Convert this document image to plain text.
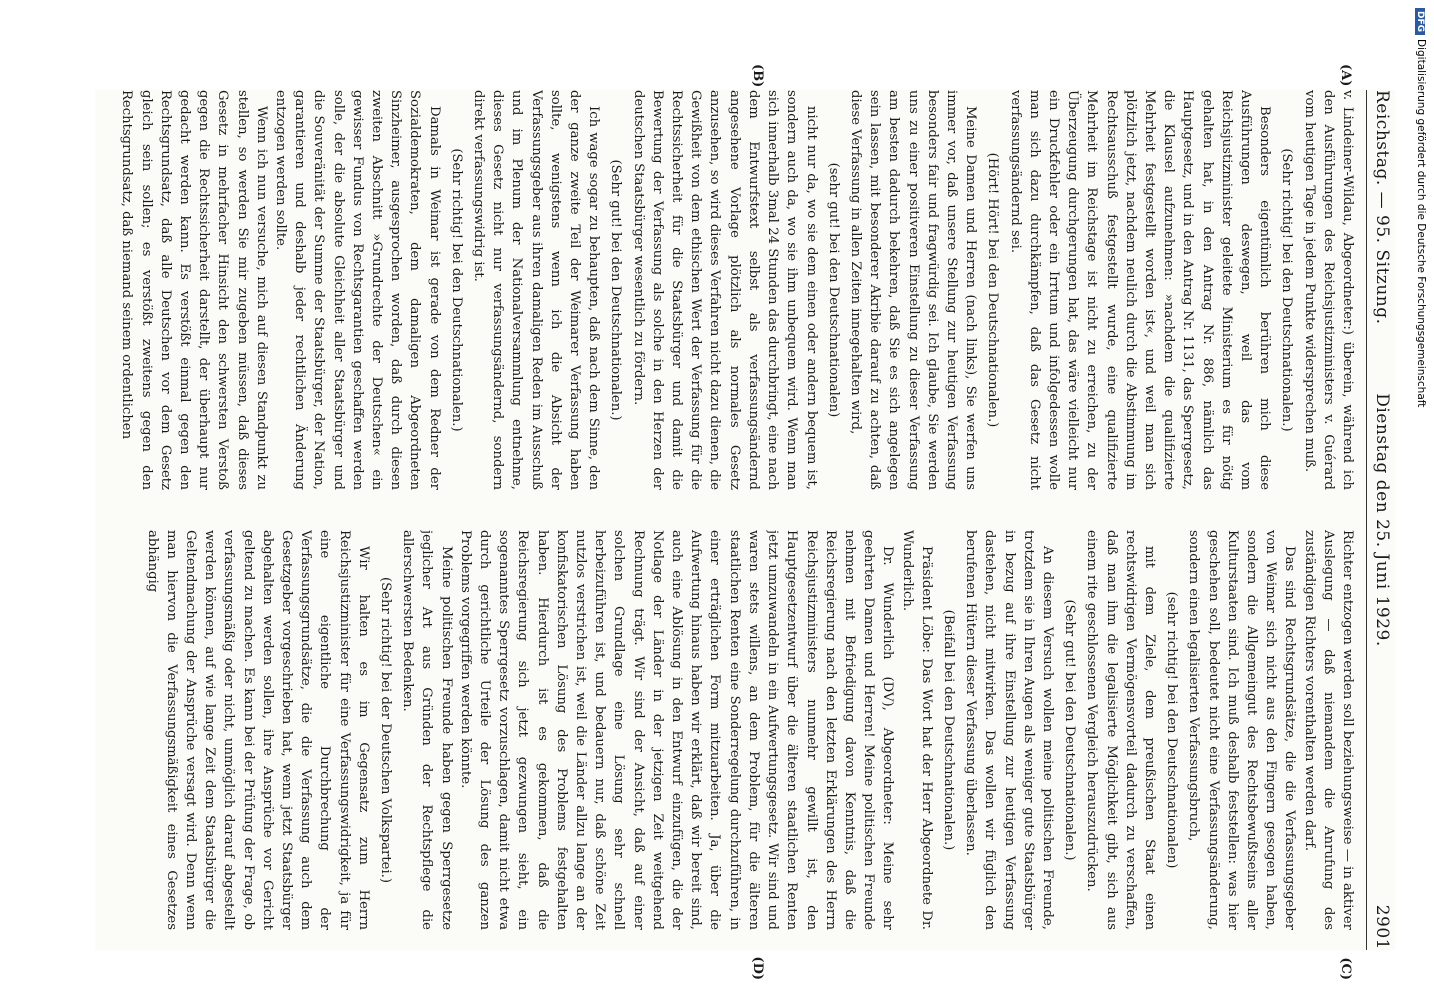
Reichstag. — 95. Sitzung.
Dienstag den 25. Juni 1929.
2901

v. Lindeiner-Wildau, Abgeordneter:) überein, während ich den Ausführungen des Reichsjustizministers v. Guérard vom heutigen Tage in jedem Punkte widersprechen muß.

(Sehr richtig! bei den Deutschnationalen.)

Besonders eigentümlich berühren mich diese Ausführungen deswegen, weil das vom Reichsjustizminister geleitete Ministerium es für nötig gehalten hat, in den Antrag Nr. 886, nämlich das Hauptgesetz, und in den Antrag Nr. 1131, das Sperrgesetz, die Klausel aufzunehmen: »nachdem die qualifizierte Mehrheit festgestellt worden ist«, und weil man sich plötzlich jetzt, nachdem neulich durch die Abstimmung im Rechtsausschuß festgestellt wurde, eine qualifizierte Mehrheit im Reichstage ist nicht zu erreichen, zu der Überzeugung durchgerungen hat, das wäre vielleicht nur ein Druckfehler oder ein Irrtum und infolgedessen wolle man sich dazu durchkämpfen, daß das Gesetz nicht verfassungsändernd sei.

(Hört! Hört! bei den Deutschnationalen.)

Meine Damen und Herren (nach links), Sie werfen uns immer vor, daß unsere Stellung zur heutigen Verfassung besonders fair und fragwürdig sei. Ich glaube, Sie werden uns zu einer positiveren Einstellung zu dieser Verfassung am besten dadurch bekehren, daß Sie es sich angelegen sein lassen, mit besonderer Akribie darauf zu achten, daß diese Verfassung in allen Zeiten innegehalten wird,

(sehr gut! bei den Deutschnationalen)

nicht nur da, wo sie dem einen oder andern bequem ist, sondern auch da, wo sie ihm unbequem wird. Wenn man sich innerhalb 3mal 24 Stunden das durchbringt, eine nach dem Entwurfstext selbst als verfassungsändernd angesehene Vorlage plötzlich als normales Gesetz anzusehen, so wird dieses Verfahren nicht dazu dienen, die Gewißheit von dem ethischen Wert der Verfassung für die Rechtssicherheit für die Staatsbürger und damit die Bewertung der Verfassung als solche in den Herzen der deutschen Staatsbürger wesentlich zu fördern.

(Sehr gut! bei den Deutschnationalen.)

Ich wage sogar zu behaupten, daß nach dem Sinne, den der ganze zweite Teil der Weimarer Verfassung haben sollte, wenigstens wenn ich die Absicht der Verfassungsgeber aus ihren damaligen Reden im Ausschuß und im Plenum der Nationalversammlung entnehme, dieses Gesetz nicht nur verfassungsändernd, sondern direkt verfassungswidrig ist.

(Sehr richtig! bei den Deutschnationalen.)

Damals in Weimar ist gerade von dem Redner der Sozialdemokraten, dem damaligen Abgeordneten Sinzheimer, ausgesprochen worden, daß durch diesen zweiten Abschnitt »Grundrechte der Deutschen« ein gewisser Fundus von Rechtsgarantien geschaffen werden solle, der die absolute Gleichheit aller Staatsbürger und die Souveränität der Summe der Staatsbürger, der Nation, garantieren und deshalb jeder rechtlichen Änderung entzogen werden sollte.

Wenn ich nun versuche, mich auf diesen Standpunkt zu stellen, so werden Sie mir zugeben müssen, daß dieses Gesetz in mehrfacher Hinsicht den schwersten Verstoß gegen die Rechtssicherheit darstellt, der überhaupt nur gedacht werden kann. Es verstößt einmal gegen den Rechtsgrundsatz, daß alle Deutschen vor dem Gesetz gleich sein sollen; es verstößt zweitens gegen den Rechtsgrundsatz, daß niemand seinem ordentlichen

Richter entzogen werden soll beziehungsweise — in aktiver Auslegung — daß niemandem die Anrufung des zuständigen Richters vorenthalten werden darf.

Das sind Rechtsgrundsätze, die die Verfassungsgeber von Weimar sich nicht aus den Fingern gesogen haben, sondern die Allgemeingut des Rechtsbewußtseins aller Kulturstaaten sind. Ich muß deshalb feststellen: was hier geschehen soll, bedeutet nicht eine Verfassungsänderung, sondern einen legalisierten Verfassungsbruch,

(sehr richtig! bei den Deutschnationalen)

mit dem Ziele, dem preußischen Staat einen rechtswidrigen Vermögensvorteil dadurch zu verschaffen, daß man ihm die legalisierte Möglichkeit gibt, sich aus einem rite geschlossenen Vergleich herauszudrücken.

(Sehr gut! bei den Deutschnationalen.)

An diesem Versuch wollen meine politischen Freunde, trotzdem sie in Ihren Augen als weniger gute Staatsbürger in bezug auf ihre Einstellung zur heutigen Verfassung dastehen, nicht mitwirken. Das wollen wir füglich den berufenen Hütern dieser Verfassung überlassen.

(Beifall bei den Deutschnationalen.)

Präsident Löbe: Das Wort hat der Herr Abgeordnete Dr. Wunderlich.

Dr. Wunderlich (DV), Abgeordneter: Meine sehr geehrten Damen und Herren! Meine politischen Freunde nehmen mit Befriedigung davon Kenntnis, daß die Reichsregierung nach den letzten Erklärungen des Herrn Reichsjustizministers nunmehr gewillt ist, den Hauptgesetzentwurf über die älteren staatlichen Renten jetzt umzuwandeln in ein Aufwertungsgesetz. Wir sind und waren stets willens, an dem Problem, für die älteren staatlichen Renten eine Sonderregelung durchzuführen, in einer erträglichen Form mitzuarbeiten. Ja, über die Aufwertung hinaus haben wir erklärt, daß wir bereit sind, auch eine Ablösung in den Entwurf einzufügen, die der Notlage der Länder in der jetzigen Zeit weitgehend Rechnung trägt. Wir sind der Ansicht, daß auf einer solchen Grundlage eine Lösung sehr schnell herbeizuführen ist, und bedauern nur, daß schöne Zeit nutzlos verstrichen ist, weil die Länder allzu lange an der konfiskatorischen Lösung des Problems festgehalten haben. Hierdurch ist es gekommen, daß die Reichsregierung sich jetzt gezwungen sieht, ein sogenanntes Sperrgesetz vorzuschlagen, damit nicht etwa durch gerichtliche Urteile der Lösung des ganzen Problems vorgegriffen werden könnte.

Meine politischen Freunde haben gegen Sperrgesetze jeglicher Art aus Gründen der Rechtspflege die allerschwersten Bedenken.

(Sehr richtig! bei der Deutschen Volkspartei.)

Wir halten es im Gegensatz zum Herrn Reichsjustizminister für eine Verfassungswidrigkeit, ja für eine eigentliche Durchbrechung der Verfassungsgrundsätze, die die Verfassung auch dem Gesetzgeber vorgeschrieben hat, wenn jetzt Staatsbürger abgehalten werden sollen, ihre Ansprüche vor Gericht geltend zu machen. Es kann bei der Prüfung der Frage, ob verfassungsmäßig oder nicht, unmöglich darauf abgestellt werden können, auf wie lange Zeit dem Staatsbürger die Geltendmachung der Ansprüche versagt wird. Denn wenn man hiervon die Verfassungsmäßigkeit eines Gesetzes abhängig

(A)
(B)
(C)
(D)
DFGDigitalisierung gefördert durch die Deutsche Forschungsgemeinschaft
